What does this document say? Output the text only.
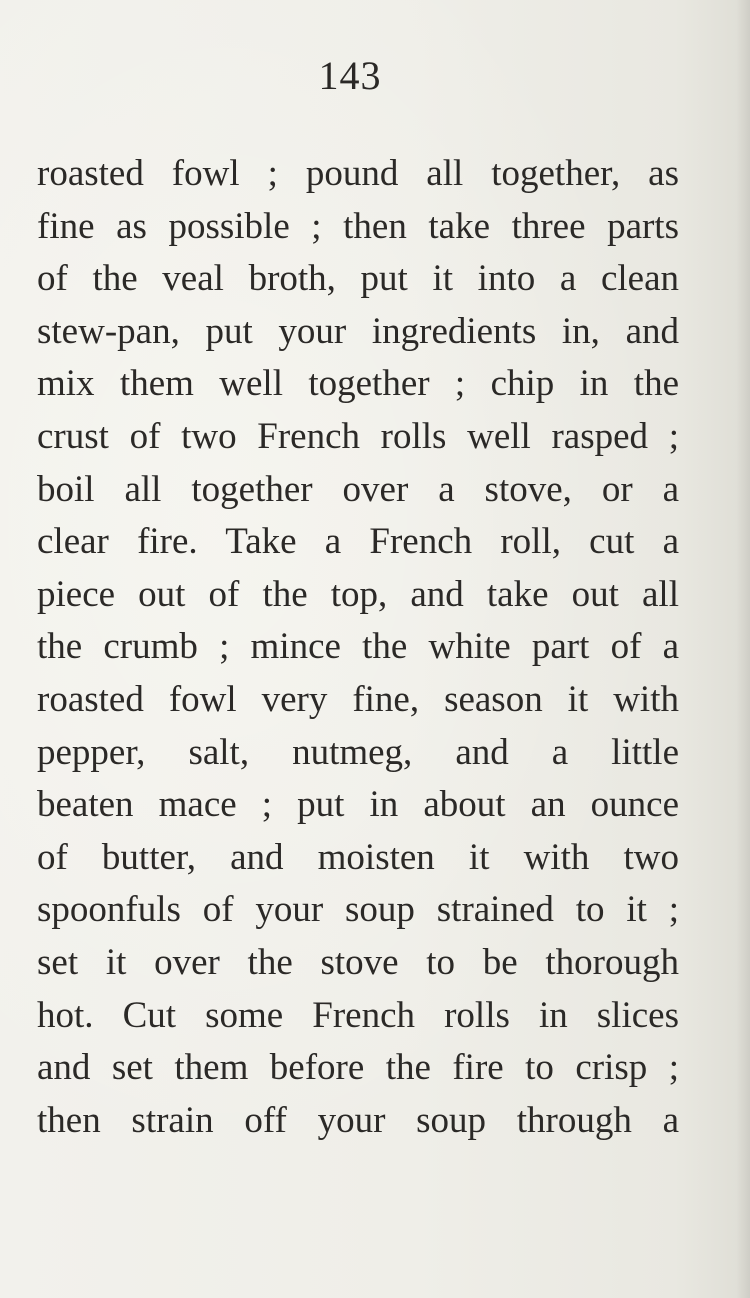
143
roasted fowl ; pound all together, as
fine as possible ; then take three parts
of the veal broth, put it into a clean
stew-pan, put your ingredients in, and
mix them well together ; chip in the
crust of two French rolls well rasped ;
boil all together over a stove, or a
clear fire. Take a French roll, cut a
piece out of the top, and take out all
the crumb ; mince the white part of a
roasted fowl very fine, season it with
pepper, salt, nutmeg, and a little
beaten mace ; put in about an ounce
of butter, and moisten it with two
spoonfuls of your soup strained to it ;
set it over the stove to be thorough
hot. Cut some French rolls in slices
and set them before the fire to crisp ;
then strain off your soup through a
